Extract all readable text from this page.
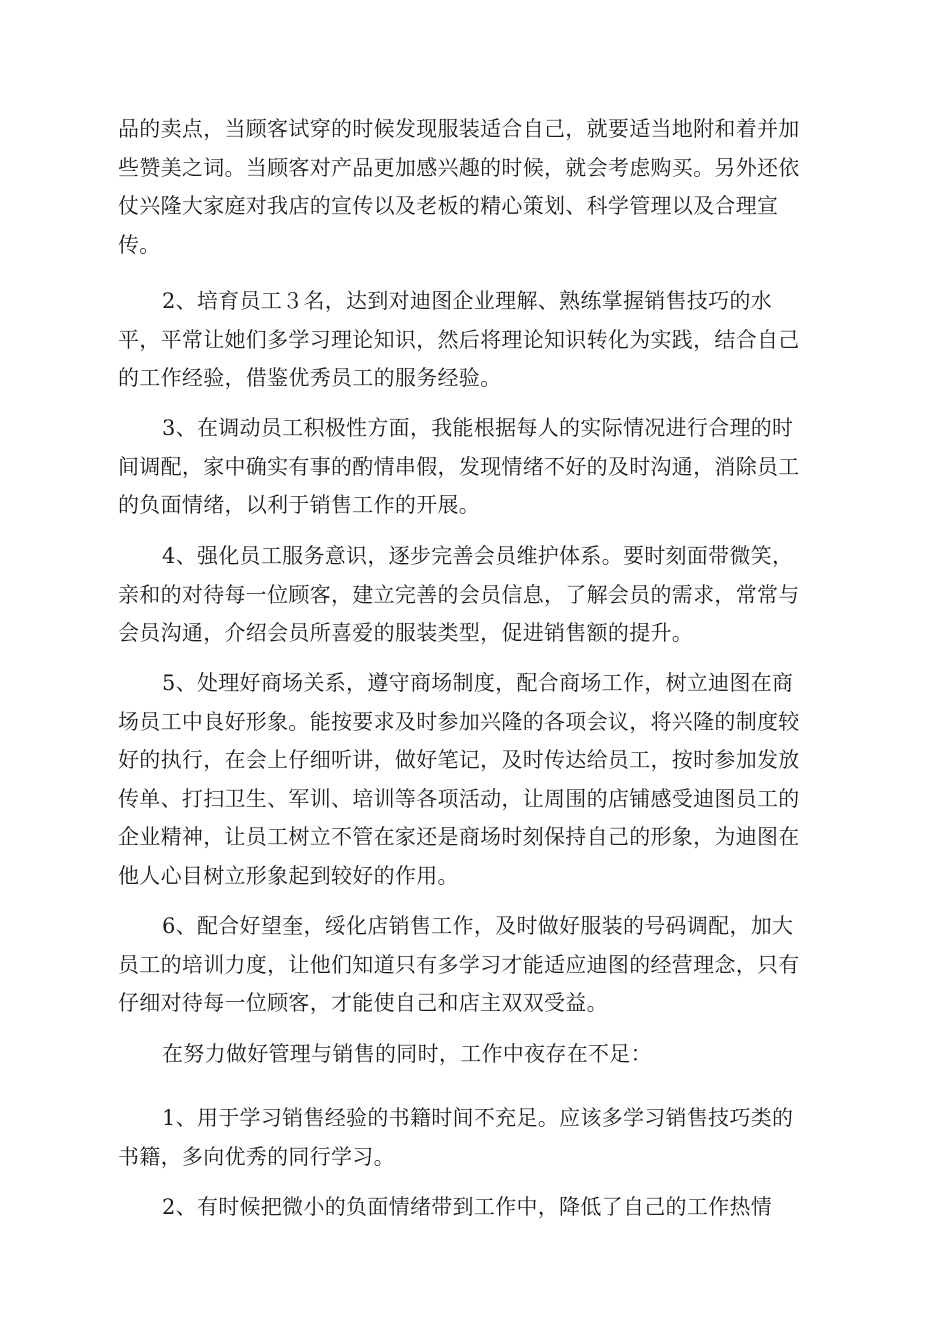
品的卖点，当顾客试穿的时候发现服装适合自己，就要适当地附和着并加
些赞美之词。当顾客对产品更加感兴趣的时候，就会考虑购买。另外还依
仗兴隆大家庭对我店的宣传以及老板的精心策划、科学管理以及合理宣
传。

2、培育员工３名，达到对迪图企业理解、熟练掌握销售技巧的水
平，平常让她们多学习理论知识，然后将理论知识转化为实践，结合自己
的工作经验，借鉴优秀员工的服务经验。

3、在调动员工积极性方面，我能根据每人的实际情况进行合理的时
间调配，家中确实有事的酌情串假，发现情绪不好的及时沟通，消除员工
的负面情绪，以利于销售工作的开展。

4、强化员工服务意识，逐步完善会员维护体系。要时刻面带微笑，
亲和的对待每一位顾客，建立完善的会员信息，了解会员的需求，常常与
会员沟通，介绍会员所喜爱的服装类型，促进销售额的提升。

5、处理好商场关系，遵守商场制度，配合商场工作，树立迪图在商
场员工中良好形象。能按要求及时参加兴隆的各项会议，将兴隆的制度较
好的执行，在会上仔细听讲，做好笔记，及时传达给员工，按时参加发放
传单、打扫卫生、军训、培训等各项活动，让周围的店铺感受迪图员工的
企业精神，让员工树立不管在家还是商场时刻保持自己的形象，为迪图在
他人心目树立形象起到较好的作用。

6、配合好望奎，绥化店销售工作，及时做好服装的号码调配，加大
员工的培训力度，让他们知道只有多学习才能适应迪图的经营理念，只有
仔细对待每一位顾客，才能使自己和店主双双受益。

在努力做好管理与销售的同时，工作中夜存在不足：

1、用于学习销售经验的书籍时间不充足。应该多学习销售技巧类的
书籍，多向优秀的同行学习。

2、有时候把微小的负面情绪带到工作中，降低了自己的工作热情
